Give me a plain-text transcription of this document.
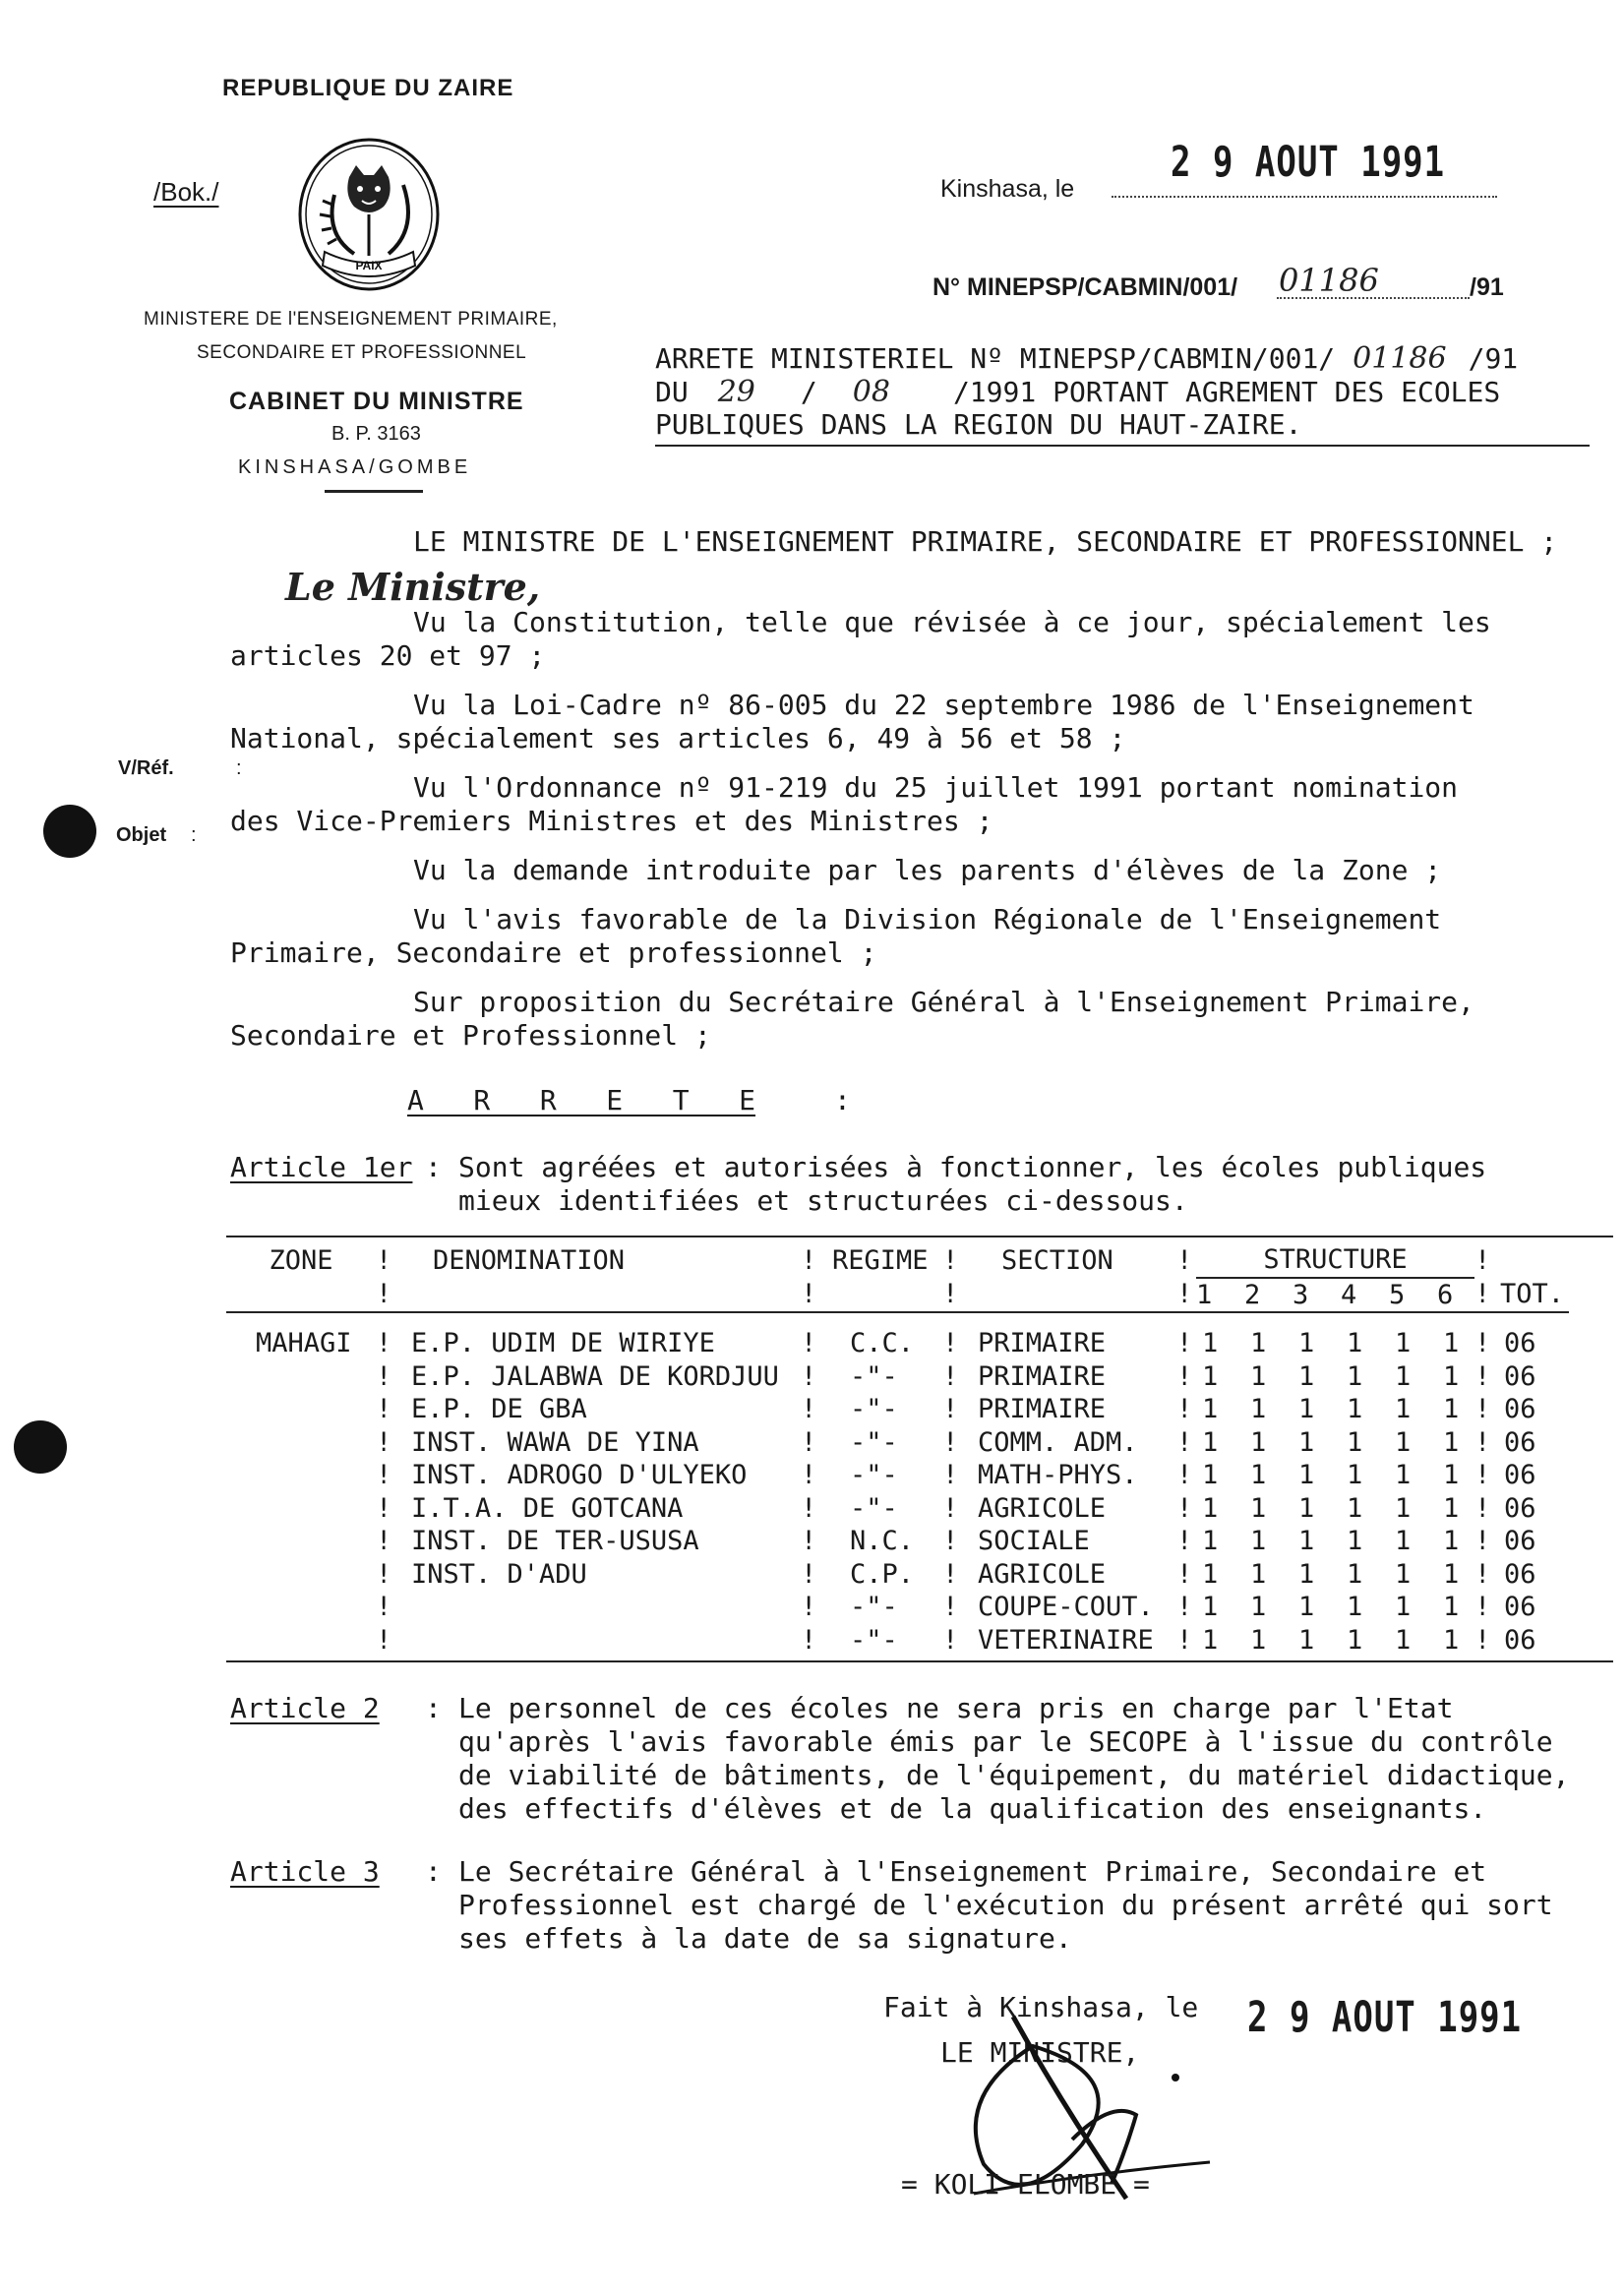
REPUBLIQUE DU ZAIRE
/Bok./
PAIX
MINISTERE DE l'ENSEIGNEMENT PRIMAIRE,
SECONDAIRE ET PROFESSIONNEL
CABINET DU MINISTRE
B. P. 3163
KINSHASA/GOMBE
Kinshasa, le
2 9 AOUT 1991
N° MINEPSP/CABMIN/001/ 01186	/91
V/Réf.	:
Objet :
ARRETE MINISTERIEL Nº MINEPSP/CABMIN/001/ 01186 /91
DU 29 / 08 /1991 PORTANT AGREMENT DES ECOLES
PUBLIQUES DANS LA REGION DU HAUT-ZAIRE.
LE MINISTRE DE L'ENSEIGNEMENT PRIMAIRE, SECONDAIRE ET PROFESSIONNEL ;
Le Ministre,
Vu la Constitution, telle que révisée à ce jour, spécialement les articles 20 et 97 ;
Vu la Loi-Cadre nº 86-005 du 22 septembre 1986 de l'Enseignement National, spécialement ses articles 6, 49 à 56 et 58 ;
Vu l'Ordonnance nº 91-219 du 25 juillet 1991 portant nomination des Vice-Premiers Ministres et des Ministres ;
Vu la demande introduite par les parents d'élèves de la Zone ;
Vu l'avis favorable de la Division Régionale de l'Enseignement Primaire, Secondaire et professionnel ;
Sur proposition du Secrétaire Général à l'Enseignement Primaire, Secondaire et Professionnel ;
A   R   R   E   T   E	:
Article 1er : Sont agréées et autorisées à fonctionner, les écoles publiques
mieux identifiées et structurées ci-dessous.
ZONE	!	DENOMINATION	!	REGIME	!	SECTION	!	STRUCTURE						!	
	!		!		!		!	1	2	3	4	5	6	!	TOT.

MAHAGI	!	E.P. UDIM DE WIRIYE	!	C.C.	!	PRIMAIRE	!	1	1	1	1	1	1	!	06
	!	E.P. JALABWA DE KORDJUU	!	-"-	!	PRIMAIRE	!	1	1	1	1	1	1	!	06
	!	E.P. DE GBA	!	-"-	!	PRIMAIRE	!	1	1	1	1	1	1	!	06
	!	INST. WAWA DE YINA	!	-"-	!	COMM. ADM.	!	1	1	1	1	1	1	!	06
	!	INST. ADROGO D'ULYEKO	!	-"-	!	MATH-PHYS.	!	1	1	1	1	1	1	!	06
	!	I.T.A. DE GOTCANA	!	-"-	!	AGRICOLE	!	1	1	1	1	1	1	!	06
	!	INST. DE TER-USUSA	!	N.C.	!	SOCIALE	!	1	1	1	1	1	1	!	06
	!	INST. D'ADU	!	C.P.	!	AGRICOLE	!	1	1	1	1	1	1	!	06
	!		!	-"-	!	COUPE-COUT.	!	1	1	1	1	1	1	!	06
	!		!	-"-	!	VETERINAIRE	!	1	1	1	1	1	1	!	06
Article 2 : Le personnel de ces écoles ne sera pris en charge par l'Etat
qu'après l'avis favorable émis par le SECOPE à l'issue du contrôle
de viabilité de bâtiments, de l'équipement, du matériel didactique,
des effectifs d'élèves et de la qualification des enseignants.
Article 3 : Le Secrétaire Général à l'Enseignement Primaire, Secondaire et
Professionnel est chargé de l'exécution du présent arrêté qui sort
ses effets à la date de sa signature.
Fait à Kinshasa, le 2 9 AOUT 1991
LE MINISTRE,
= KOLI ELOMBE =
